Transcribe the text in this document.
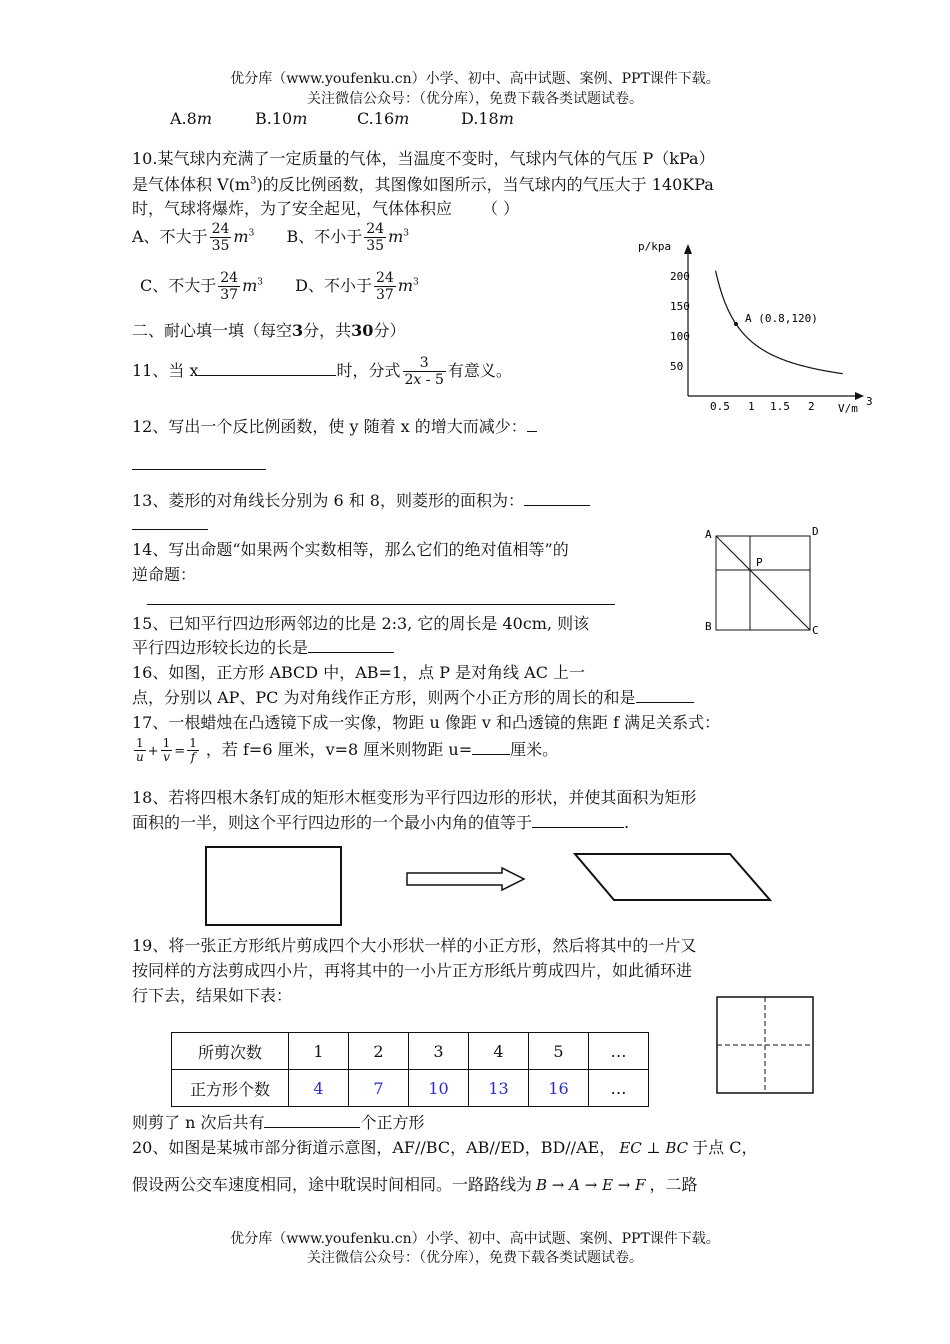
优分库（www.youfenku.cn）小学、初中、高中试题、案例、PPT课件下载。
关注微信公众号：（优分库），免费下载各类试题试卷。
A.8m	B.10m	C.16m	D.18m
10.某气球内充满了一定质量的气体，当温度不变时，气球内气体的气压 P（kPa）
是气体体积 $V(m^3)$的反比例函数，其图像如图所示，当气球内的气压大于 140KPa
时，气球将爆炸，为了安全起见，气体体积应 （ ）
A、不大于 $\frac{24}{35} m^3$ B、不小于 $\frac{24}{35} m^3$
C、不大于 $\frac{24}{37} m^3$ D、不小于 $\frac{24}{37} m^3$
p/kpa
V/m
3
200
150
100
50
0.5 1 1.5 2
A (0.8,120)
二、耐心填一填（每空3分，共30分）
11、当 x	时，分式 $\frac{3}{2x - 5}$ 有意义。
12、写出一个反比例函数，使 y 随着 x 的增大而减少：
13、菱形的对角线长分别为 6 和 8，则菱形的面积为：
14、写出命题“如果两个实数相等，那么它们的绝对值相等”的
逆命题：
A	D
B	C
P
15、已知平行四边形两邻边的比是 2:3, 它的周长是 40cm, 则该
平行四边形较长边的长是
16、如图，正方形 ABCD 中，AB=1，点 P 是对角线 AC 上一
点，分别以 AP、PC 为对角线作正方形，则两个小正方形的周长的和是
17、一根蜡烛在凸透镜下成一实像，物距 u 像距 v 和凸透镜的焦距 f 满足关系式：
$\frac{1}{u} + \frac{1}{v} = \frac{1}{f}$ ，若 f=6 厘米，v=8 厘米则物距 u= 厘米。
18、若将四根木条钉成的矩形木框变形为平行四边形的形状，并使其面积为矩形
面积的一半，则这个平行四边形的一个最小内角的值等于	.
19、将一张正方形纸片剪成四个大小形状一样的小正方形，然后将其中的一片又
按同样的方法剪成四小片，再将其中的一小片正方形纸片剪成四片，如此循环进
行下去，结果如下表：
所剪次数	1	2	3	4	5	…
正方形个数	4	7	10	13	16	…
则剪了 n 次后共有	个正方形
20、如图是某城市部分街道示意图，AF//BC，AB//ED，BD//AE， EC ⊥ BC 于点 C，
假设两公交车速度相同，途中耽误时间相同。一路路线为 B → A → E → F ，二路
优分库（www.youfenku.cn）小学、初中、高中试题、案例、PPT课件下载。
关注微信公众号：（优分库），免费下载各类试题试卷。
